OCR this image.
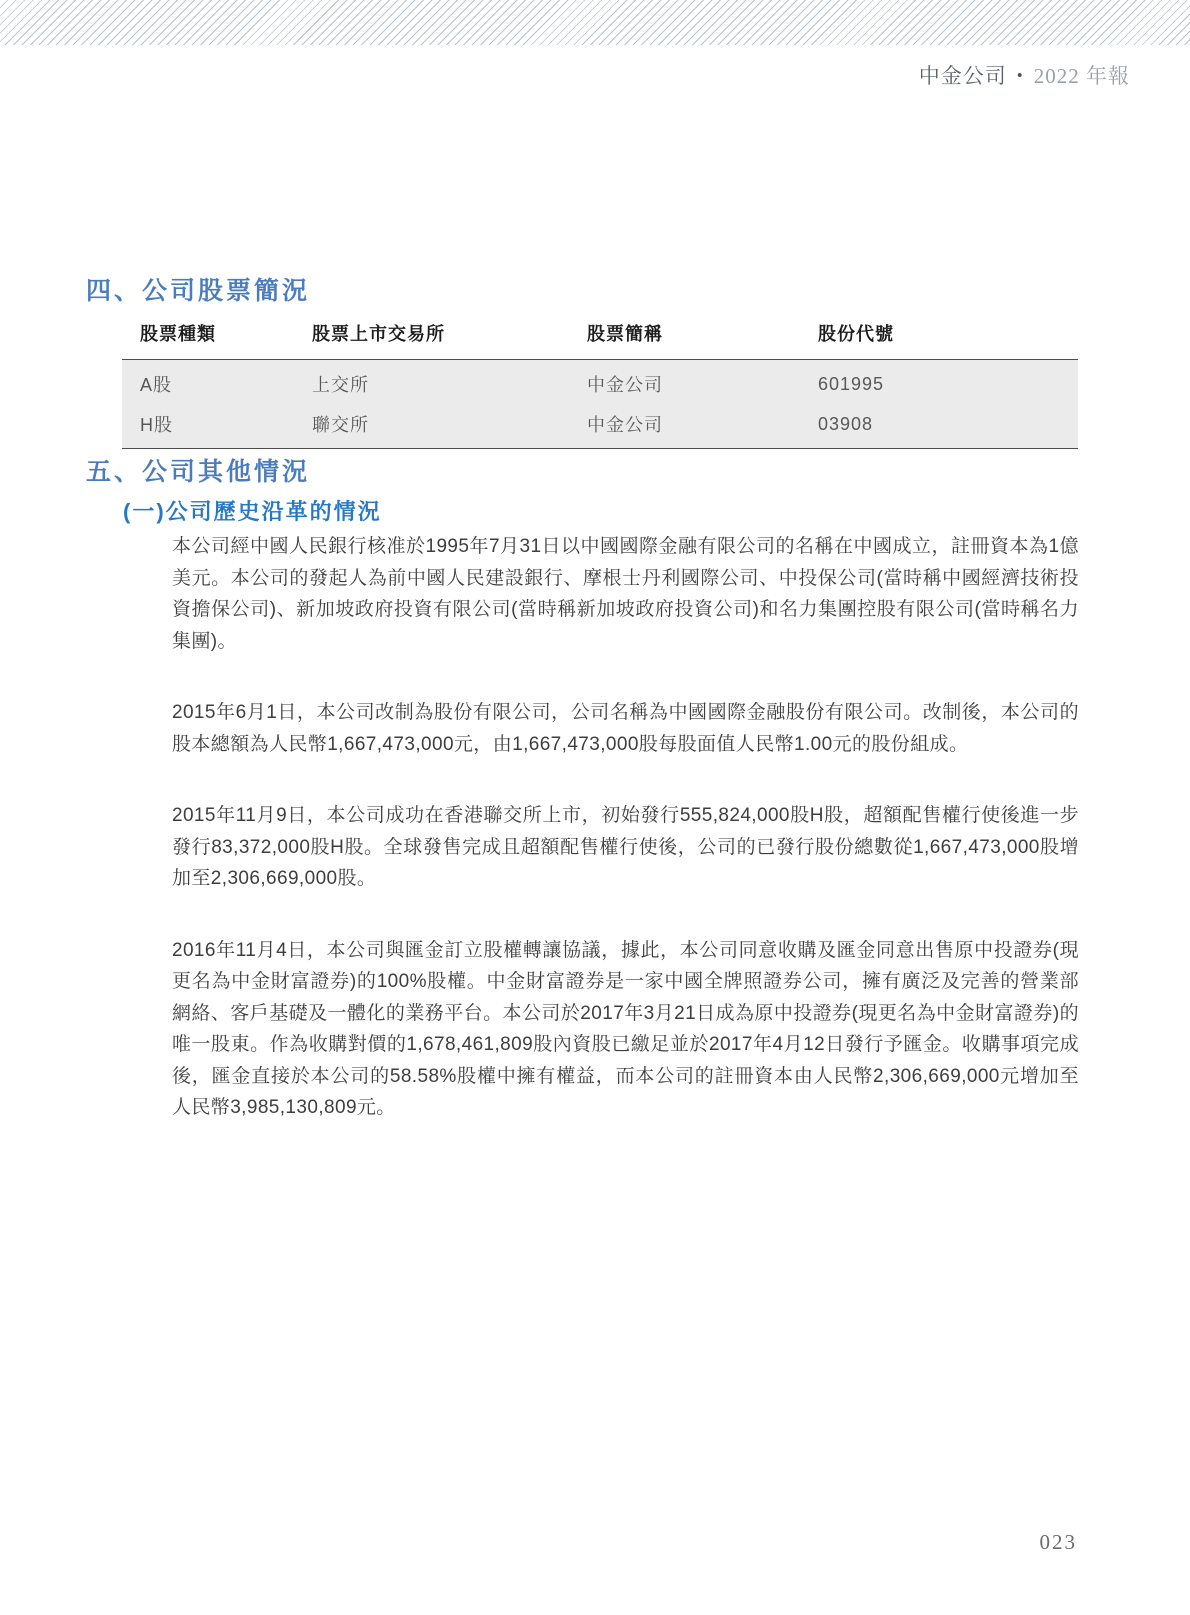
中金公司 • 2022 年報
四、公司股票簡況
股票種類	股票上市交易所	股票簡稱	股份代號
A股	上交所	中金公司	601995
H股	聯交所	中金公司	03908
五、公司其他情況
(一)公司歷史沿革的情況

本公司經中國人民銀行核准於1995年7月31日以中國國際金融有限公司的名稱在中國成立，註冊資本為1億美元。本公司的發起人為前中國人民建設銀行、摩根士丹利國際公司、中投保公司(當時稱中國經濟技術投資擔保公司)、新加坡政府投資有限公司(當時稱新加坡政府投資公司)和名力集團控股有限公司(當時稱名力集團)。

2015年6月1日，本公司改制為股份有限公司，公司名稱為中國國際金融股份有限公司。改制後，本公司的股本總額為人民幣1,667,473,000元，由1,667,473,000股每股面值人民幣1.00元的股份組成。

2015年11月9日，本公司成功在香港聯交所上市，初始發行555,824,000股H股，超額配售權行使後進一步發行83,372,000股H股。全球發售完成且超額配售權行使後，公司的已發行股份總數從1,667,473,000股增加至2,306,669,000股。

2016年11月4日，本公司與匯金訂立股權轉讓協議，據此，本公司同意收購及匯金同意出售原中投證券(現更名為中金財富證券)的100%股權。中金財富證券是一家中國全牌照證券公司，擁有廣泛及完善的營業部網絡、客戶基礎及一體化的業務平台。本公司於2017年3月21日成為原中投證券(現更名為中金財富證券)的唯一股東。作為收購對價的1,678,461,809股內資股已繳足並於2017年4月12日發行予匯金。收購事項完成後，匯金直接於本公司的58.58%股權中擁有權益，而本公司的註冊資本由人民幣2,306,669,000元增加至人民幣3,985,130,809元。

023
